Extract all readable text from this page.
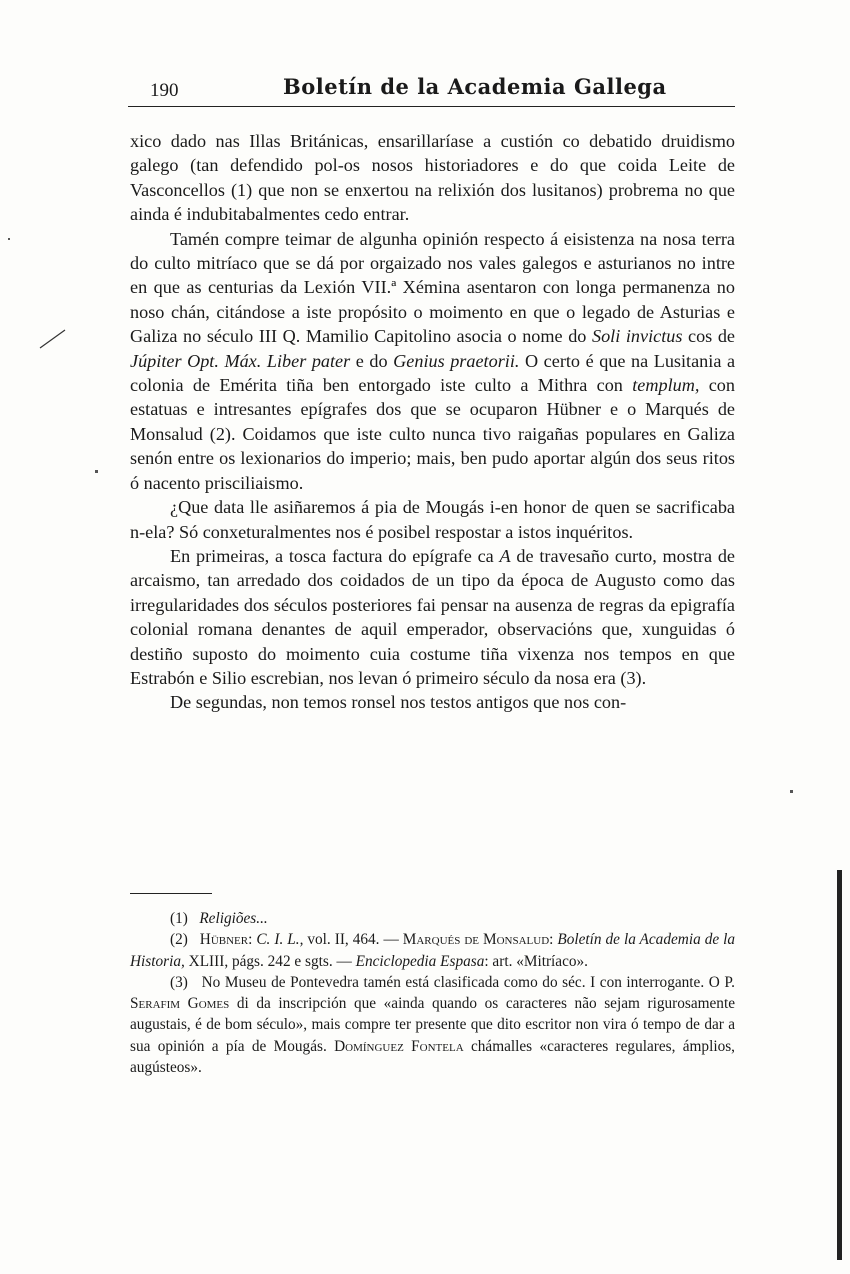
190	Boletín de la Academia Gallega

xico dado nas Illas Británicas, ensarillaríase a custión co debatido druidismo galego (tan defendido pol-os nosos historiadores e do que coida Leite de Vasconcellos (1) que non se enxertou na relixión dos lusitanos) probrema no que ainda é indubitabalmentes cedo entrar.

Tamén compre teimar de algunha opinión respecto á eisistenza na nosa terra do culto mitríaco que se dá por orgaizado nos vales galegos e asturianos no intre en que as centurias da Lexión VII.ª Xémina asentaron con longa permanenza no noso chán, citándose a iste propósito o moimento en que o legado de Asturias e Galiza no século III Q. Mamilio Capitolino asocia o nome do Soli invictus cos de Júpiter Opt. Máx. Liber pater e do Genius praetorii. O certo é que na Lusitania a colonia de Emérita tiña ben entorgado iste culto a Mithra con templum, con estatuas e intresantes epígrafes dos que se ocuparon Hübner e o Marqués de Monsalud (2). Coidamos que iste culto nunca tivo raigañas populares en Galiza senón entre os lexionarios do imperio; mais, ben pudo aportar algún dos seus ritos ó nacento prisciliaismo.

¿Que data lle asiñaremos á pia de Mougás i-en honor de quen se sacrificaba n-ela? Só conxeturalmentes nos é posibel respostar a istos inquéritos.

En primeiras, a tosca factura do epígrafe ca A de travesaño curto, mostra de arcaismo, tan arredado dos coidados de un tipo da época de Augusto como das irregularidades dos séculos posteriores fai pensar na ausenza de regras da epigrafía colonial romana denantes de aquil emperador, observaciόns que, xunguidas ó destiño suposto do moimento cuia costume tiña vixenza nos tempos en que Estrabón e Silio escrebian, nos levan ó primeiro século da nosa era (3).

De segundas, non temos ronsel nos testos antigos que nos con-

(1) Religiões...

(2) Hübner: C. I. L., vol. II, 464. — Marqués de Monsalud: Boletín de la Academia de la Historia, XLIII, págs. 242 e sgts. — Enciclopedia Espasa: art. «Mitríaco».

(3) No Museu de Pontevedra tamén está clasificada como do séc. I con interrogante. O P. Serafim Gomes di da inscripción que «ainda quando os caracteres não sejam rigurosamente augustais, é de bom século», mais compre ter presente que dito escritor non vira ó tempo de dar a sua opinión a pía de Mougás. Domínguez Fontela chámalles «caracteres regulares, ámplios, augústeos».
